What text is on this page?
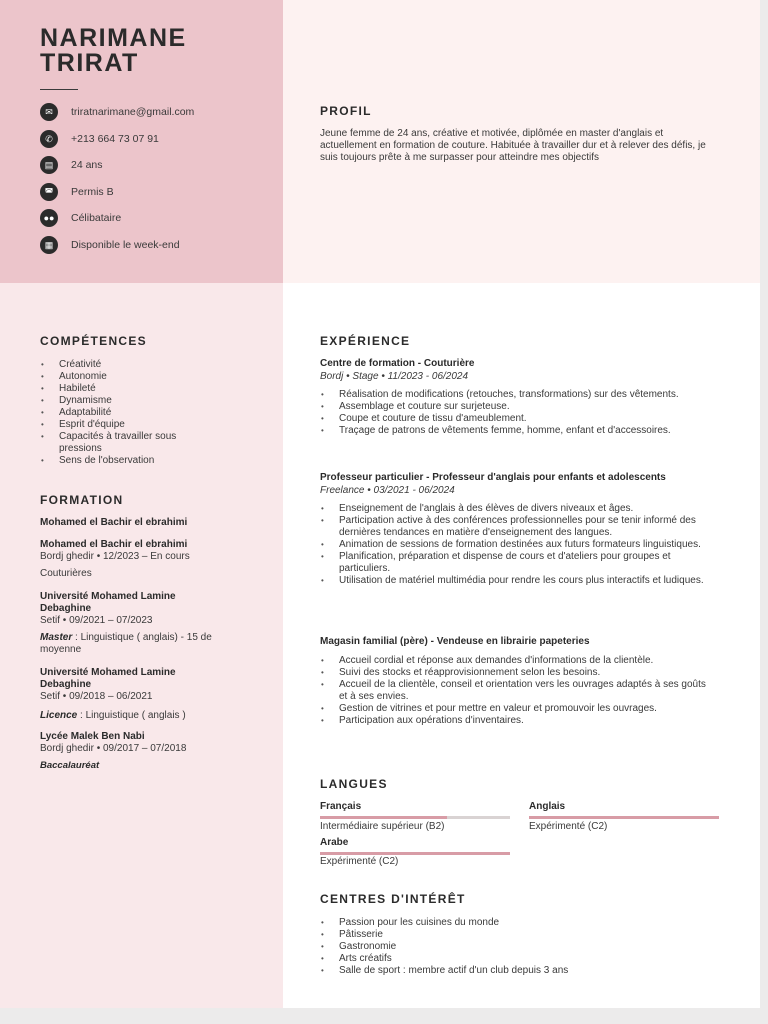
NARIMANE
TRIRAT
✉	triratnarimane@gmail.com
✆	+213 664 73 07 91
▤	24 ans
◚	Permis B
●●	Célibataire
▦	Disponible le week-end
PROFIL
Jeune femme de 24 ans, créative et motivée, diplômée en master d'anglais et actuellement en formation de couture. Habituée à travailler dur et à relever des défis, je suis toujours prête à me surpasser pour atteindre mes objectifs
COMPÉTENCES
• Créativité
• Autonomie
• Habileté
• Dynamisme
• Adaptabilité
• Esprit d'équipe
• Capacités à travailler sous pressions
• Sens de l'observation
FORMATION
Mohamed el Bachir el ebrahimi
Mohamed el Bachir el ebrahimi
Bordj ghedir • 12/2023 – En cours
Couturières
Université Mohamed Lamine Debaghine
Setif • 09/2021 – 07/2023
Master : Linguistique ( anglais) - 15 de moyenne
Université Mohamed Lamine Debaghine
Setif • 09/2018 – 06/2021
Licence : Linguistique ( anglais )
Lycée Malek Ben Nabi
Bordj ghedir • 09/2017 – 07/2018
Baccalauréat
EXPÉRIENCE
Centre de formation - Couturière
Bordj • Stage • 11/2023 - 06/2024
• Réalisation de modifications (retouches, transformations) sur des vêtements.
• Assemblage et couture sur surjeteuse.
• Coupe et couture de tissu d'ameublement.
• Traçage de patrons de vêtements femme, homme, enfant et d'accessoires.
Professeur particulier - Professeur d'anglais pour enfants et adolescents
Freelance • 03/2021 - 06/2024
• Enseignement de l'anglais à des élèves de divers niveaux et âges.
• Participation active à des conférences professionnelles pour se tenir informé des dernières tendances en matière d'enseignement des langues.
• Animation de sessions de formation destinées aux futurs formateurs linguistiques.
• Planification, préparation et dispense de cours et d'ateliers pour groupes et particuliers.
• Utilisation de matériel multimédia pour rendre les cours plus interactifs et ludiques.
Magasin familial (père) - Vendeuse en librairie papeteries
• Accueil cordial et réponse aux demandes d'informations de la clientèle.
• Suivi des stocks et réapprovisionnement selon les besoins.
• Accueil de la clientèle, conseil et orientation vers les ouvrages adaptés à ses goûts et à ses envies.
• Gestion de vitrines et pour mettre en valeur et promouvoir les ouvrages.
• Participation aux opérations d'inventaires.
LANGUES
Français
Intermédiaire supérieur (B2)
Anglais
Expérimenté (C2)
Arabe
Expérimenté (C2)
CENTRES D'INTÉRÊT
• Passion pour les cuisines du monde
• Pâtisserie
• Gastronomie
• Arts créatifs
• Salle de sport : membre actif d'un club depuis 3 ans
